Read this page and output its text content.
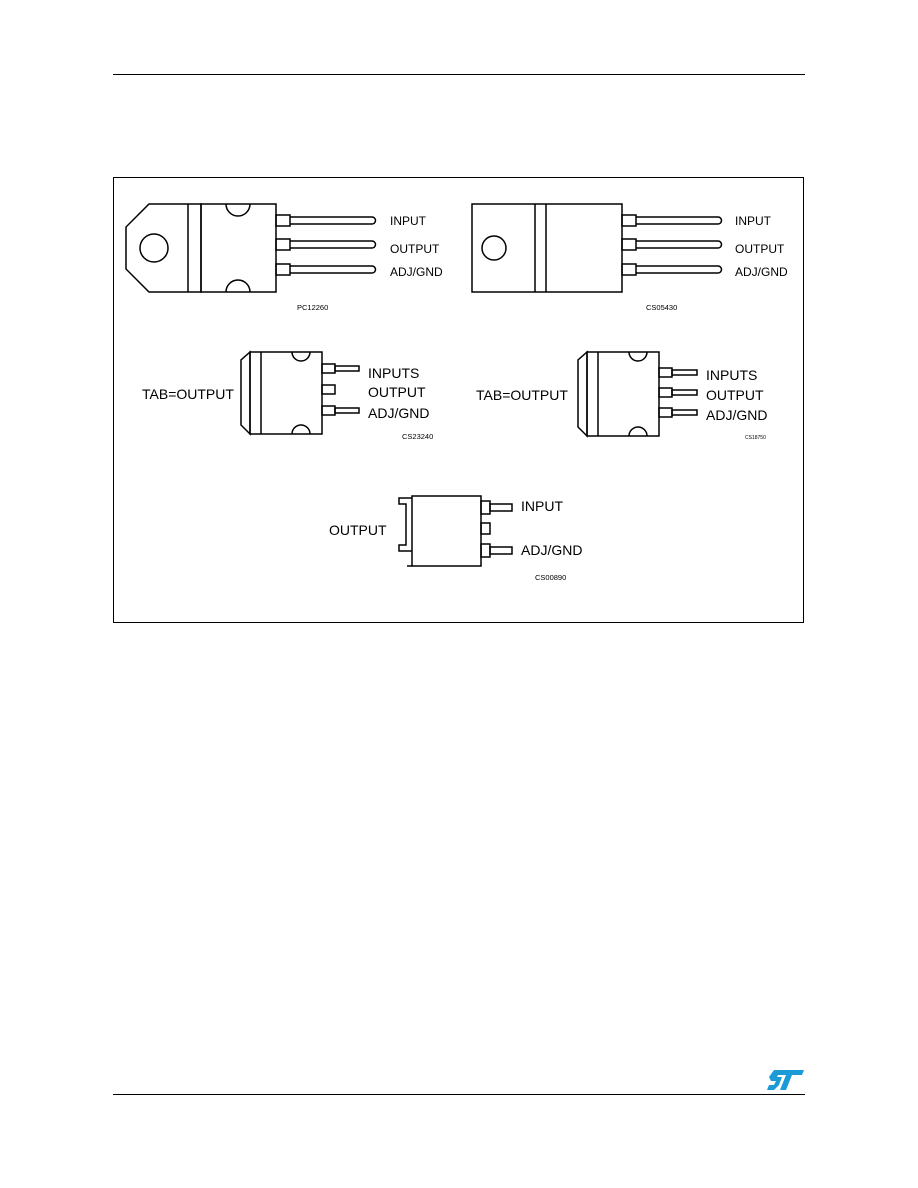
INPUT
OUTPUT
ADJ/GND
PC12260
INPUT
OUTPUT
ADJ/GND
CS05430
TAB=OUTPUT
INPUTS
OUTPUT
ADJ/GND
CS23240
TAB=OUTPUT
INPUTS
OUTPUT
ADJ/GND
CS18750
OUTPUT
INPUT
ADJ/GND
CS00890
